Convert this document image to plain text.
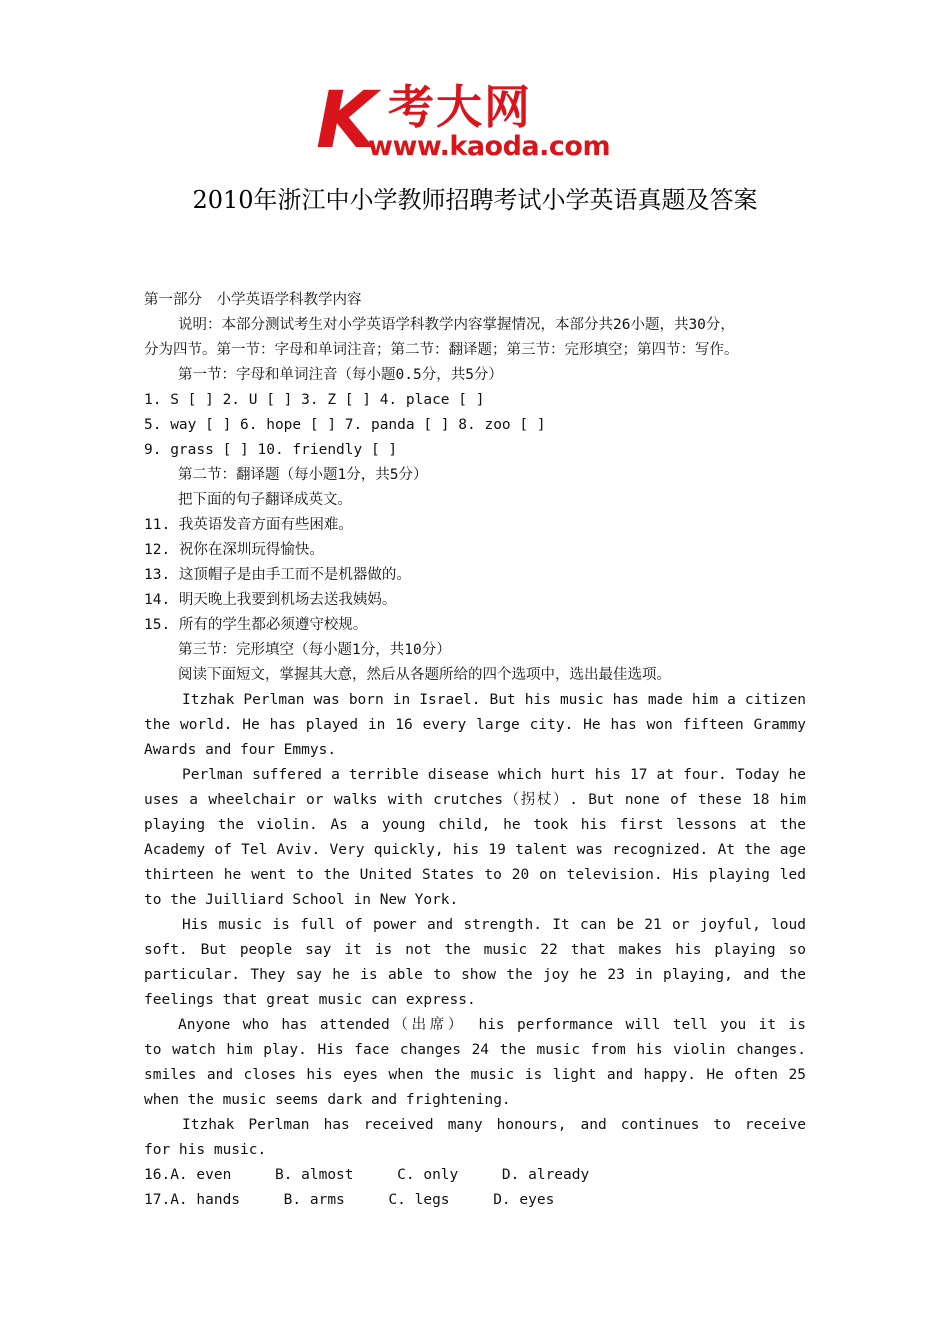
K 考大网
www.kaoda.com
2010年浙江中小学教师招聘考试小学英语真题及答案
第一部分　小学英语学科教学内容
说明：本部分测试考生对小学英语学科教学内容掌握情况，本部分共26小题，共30分，
分为四节。第一节：字母和单词注音；第二节：翻译题；第三节：完形填空；第四节：写作。
第一节：字母和单词注音（每小题0.5分，共5分）
1. S [ ] 2. U [ ] 3. Z [ ] 4. place [ ]
5. way [ ] 6. hope [ ] 7. panda [ ] 8. zoo [ ]
9. grass [ ] 10. friendly [ ]
第二节：翻译题（每小题1分，共5分）
把下面的句子翻译成英文。
11. 我英语发音方面有些困难。
12. 祝你在深圳玩得愉快。
13. 这顶帽子是由手工而不是机器做的。
14. 明天晚上我要到机场去送我姨妈。
15. 所有的学生都必须遵守校规。
第三节：完形填空（每小题1分，共10分）
阅读下面短文，掌握其大意，然后从各题所给的四个选项中，选出最佳选项。
Itzhak Perlman was born in Israel. But his music has made him a citizen
the world. He has played in 16 every large city. He has won fifteen Grammy
Awards and four Emmys.
Perlman suffered a terrible disease which hurt his 17 at four. Today he
uses a wheelchair or walks with crutches（拐杖）. But none of these 18 him
playing the violin. As a young child, he took his first lessons at the
Academy of Tel Aviv. Very quickly, his 19 talent was recognized. At the age
thirteen he went to the United States to 20 on television. His playing led
to the Juilliard School in New York.
His music is full of power and strength. It can be 21 or joyful, loud
soft. But people say it is not the music 22 that makes his playing so
particular. They say he is able to show the joy he 23 in playing, and the
feelings that great music can express.
Anyone who has attended（出席） his performance will tell you it is
to watch him play. His face changes 24 the music from his violin changes.
smiles and closes his eyes when the music is light and happy. He often 25
when the music seems dark and frightening.
Itzhak Perlman has received many honours, and continues to receive
for his music.
16.A. even     B. almost     C. only     D. already
17.A. hands     B. arms     C. legs     D. eyes
